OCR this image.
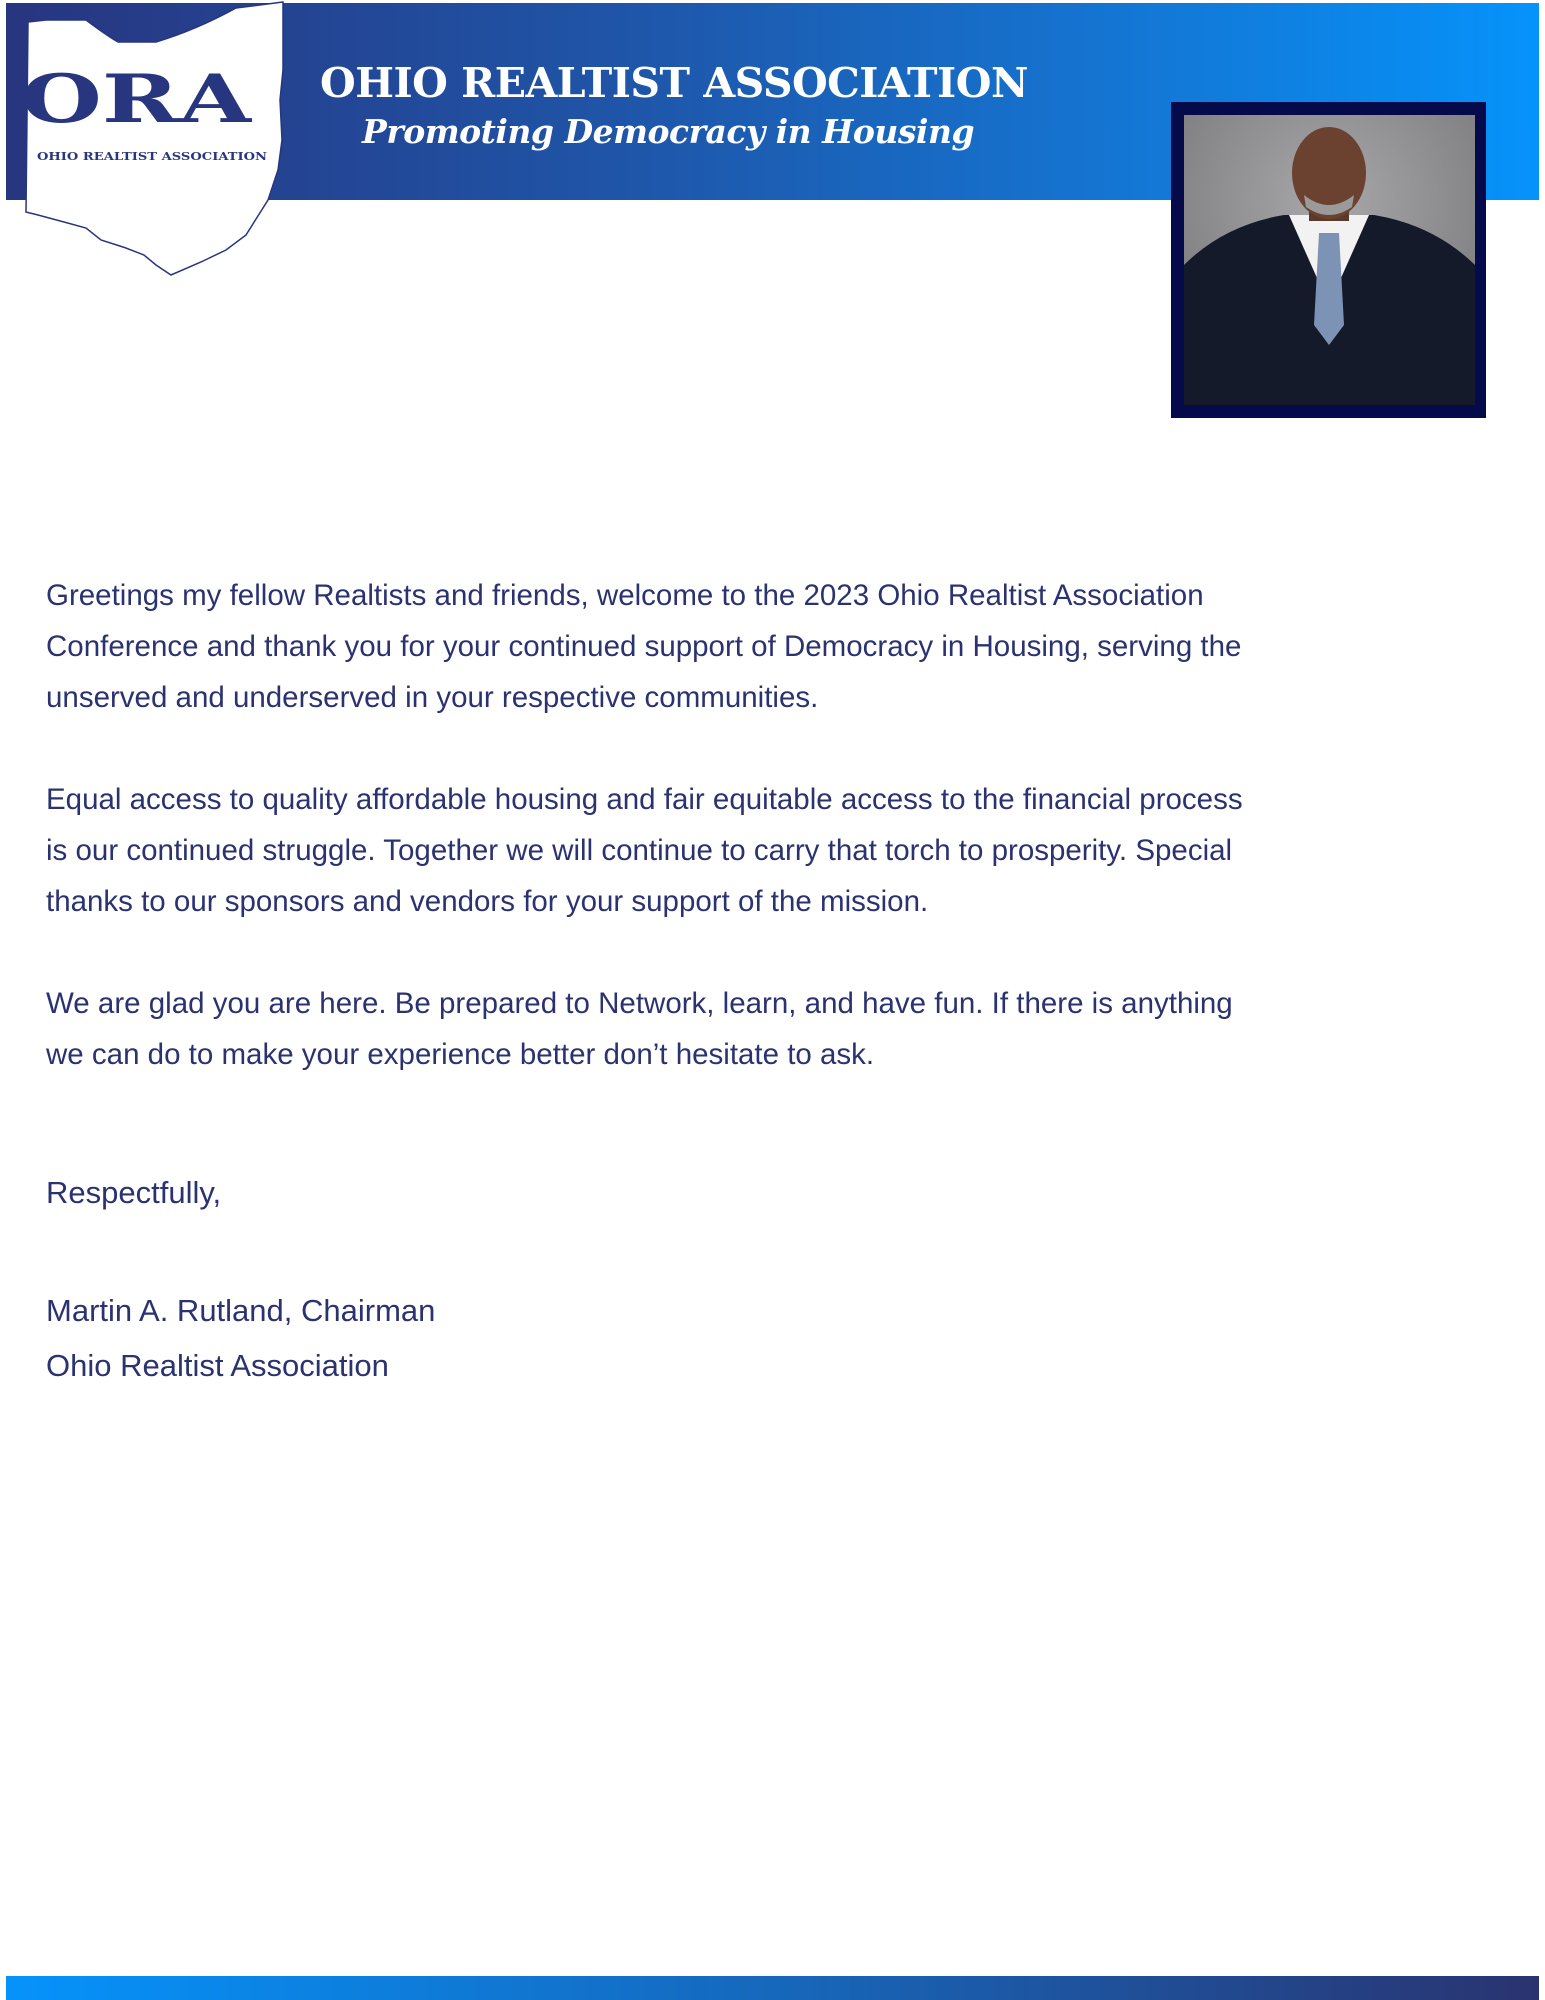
ORA
OHIO REALTIST ASSOCIATION
OHIO REALTIST ASSOCIATION
Promoting Democracy in Housing

Greetings my fellow Realtists and friends, welcome to the 2023 Ohio Realtist Association
Conference and thank you for your continued support of Democracy in Housing, serving the
unserved and underserved in your respective communities.

Equal access to quality affordable housing and fair equitable access to the financial process
is our continued struggle. Together we will continue to carry that torch to prosperity. Special
thanks to our sponsors and vendors for your support of the mission.

We are glad you are here. Be prepared to Network, learn, and have fun. If there is anything
we can do to make your experience better don’t hesitate to ask.

Respectfully,
Martin A. Rutland, Chairman
Ohio Realtist Association
